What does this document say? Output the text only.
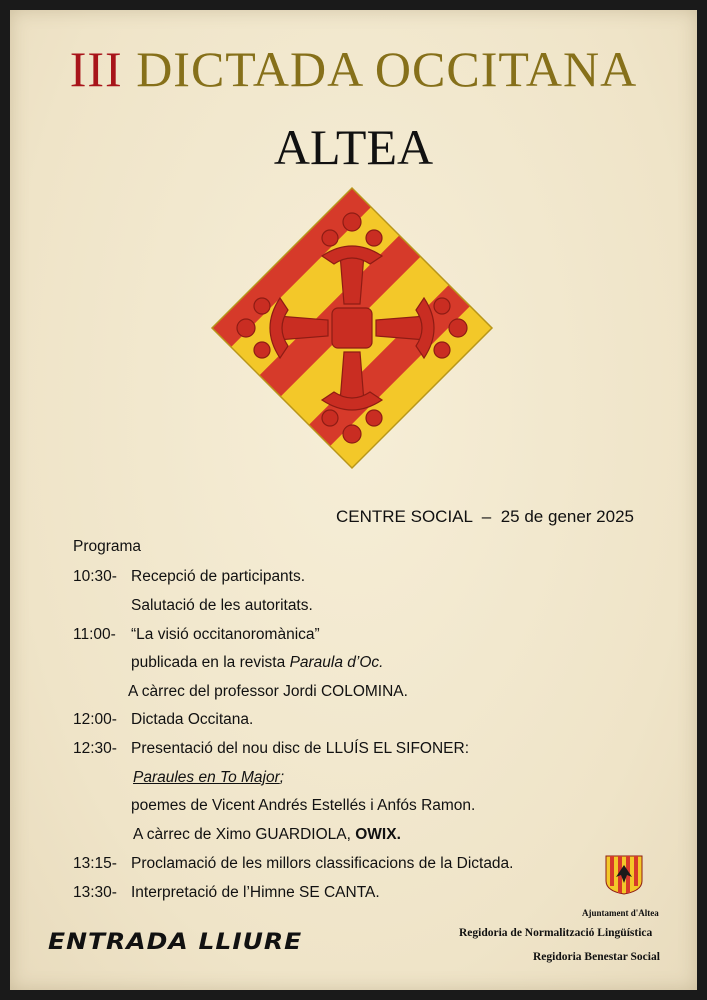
III DICTADA OCCITANA
ALTEA
CENTRE SOCIAL – 25 de gener 2025
Programa
10:30- Recepció de participants.
Salutació de les autoritats.
11:00- “La visió occitanoromànica”
publicada en la revista Paraula d’Oc.
A càrrec del professor Jordi COLOMINA.
12:00- Dictada Occitana.
12:30- Presentació del nou disc de LLUÍS EL SIFONER:
Paraules en To Major;
poemes de Vicent Andrés Estellés i Anfós Ramon.
A càrrec de Ximo GUARDIOLA, OWIX.
13:15- Proclamació de les millors classificacions de la Dictada.
13:30- Interpretació de l’Himne SE CANTA.
ENTRADA LLIURE
Ajuntament d'Altea
Regidoria de Normalització Lingüística
Regidoria Benestar Social
